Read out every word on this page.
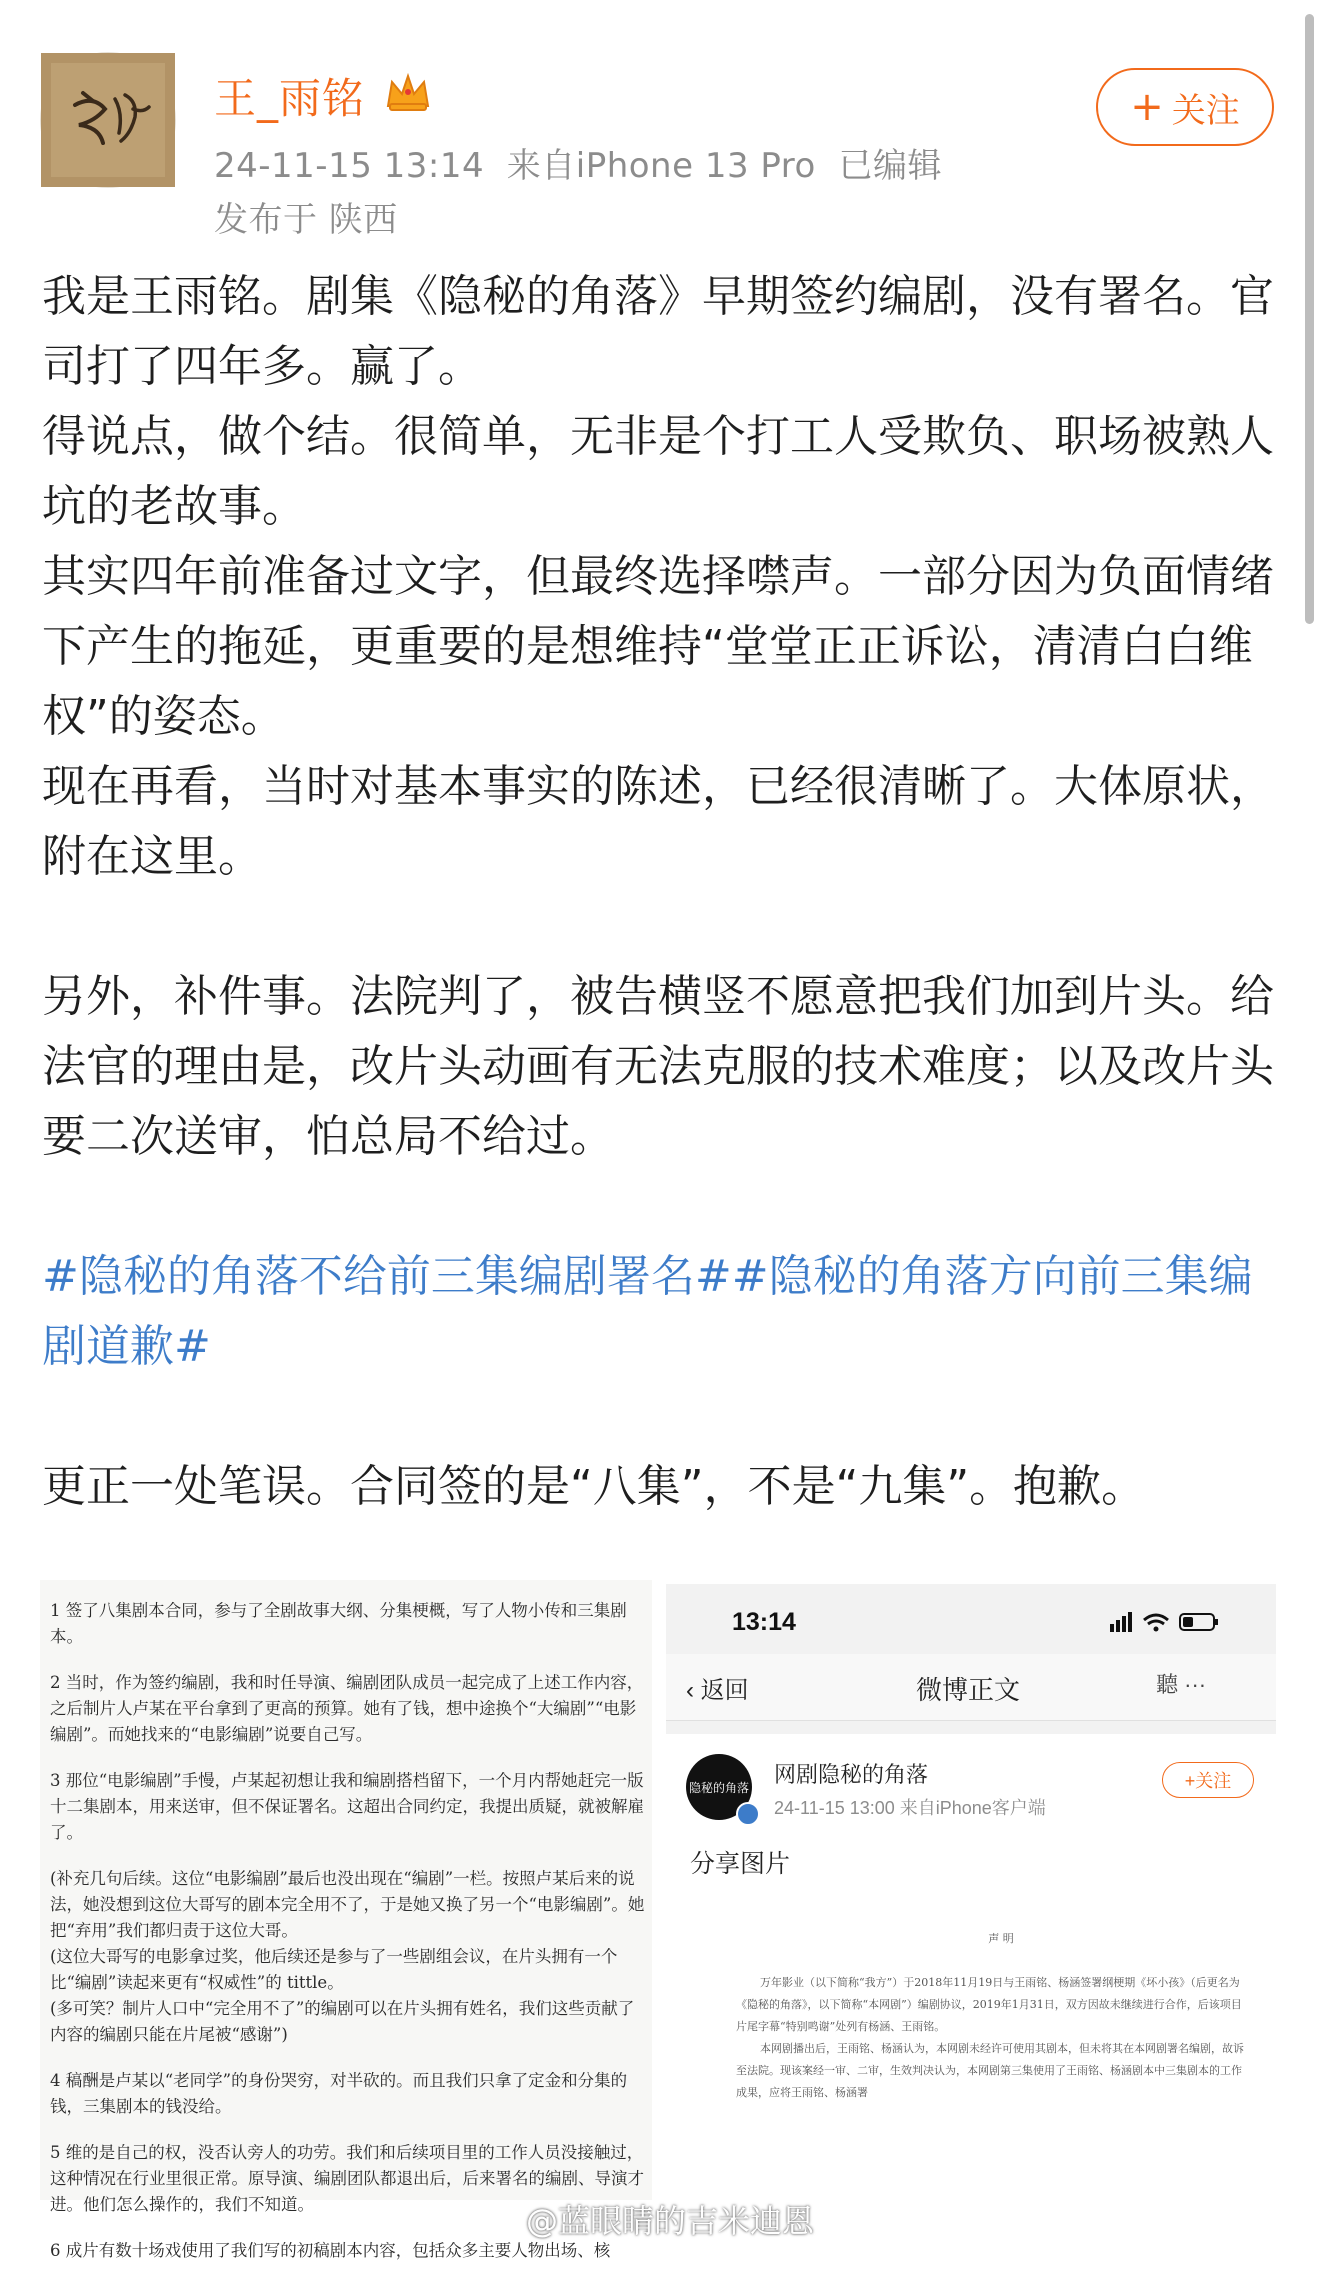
王_雨铭
24-11-15 13:14 来自iPhone 13 Pro 已编辑
发布于 陕西
+ 关注

我是王雨铭。剧集《隐秘的角落》早期签约编剧，没有署名。官司打了四年多。赢了。

得说点，做个结。很简单，无非是个打工人受欺负、职场被熟人坑的老故事。

其实四年前准备过文字，但最终选择噤声。一部分因为负面情绪下产生的拖延，更重要的是想维持“堂堂正正诉讼，清清白白维权”的姿态。

现在再看，当时对基本事实的陈述，已经很清晰了。大体原状，附在这里。

另外，补件事。法院判了，被告横竖不愿意把我们加到片头。给法官的理由是，改片头动画有无法克服的技术难度；以及改片头要二次送审，怕总局不给过。

#隐秘的角落不给前三集编剧署名##隐秘的角落方向前三集编剧道歉#

更正一处笔误。合同签的是“八集”，不是“九集”。抱歉。

1 签了八集剧本合同，参与了全剧故事大纲、分集梗概，写了人物小传和三集剧本。

2 当时，作为签约编剧，我和时任导演、编剧团队成员一起完成了上述工作内容，之后制片人卢某在平台拿到了更高的预算。她有了钱，想中途换个“大编剧”“电影编剧”。而她找来的“电影编剧”说要自己写。

3 那位“电影编剧”手慢，卢某起初想让我和编剧搭档留下，一个月内帮她赶完一版十二集剧本，用来送审，但不保证署名。这超出合同约定，我提出质疑，就被解雇了。

(补充几句后续。这位“电影编剧”最后也没出现在“编剧”一栏。按照卢某后来的说法，她没想到这位大哥写的剧本完全用不了，于是她又换了另一个“电影编剧”。她把“弃用”我们都归责于这位大哥。
(这位大哥写的电影拿过奖，他后续还是参与了一些剧组会议，在片头拥有一个比“编剧”读起来更有“权威性”的 tittle。
(多可笑？制片人口中“完全用不了”的编剧可以在片头拥有姓名，我们这些贡献了内容的编剧只能在片尾被“感谢”)

4 稿酬是卢某以“老同学”的身份哭穷，对半砍的。而且我们只拿了定金和分集的钱，三集剧本的钱没给。

5 维的是自己的权，没否认旁人的功劳。我们和后续项目里的工作人员没接触过，这种情况在行业里很正常。原导演、编剧团队都退出后，后来署名的编剧、导演才进。他们怎么操作的，我们不知道。

6 成片有数十场戏使用了我们写的初稿剧本内容，包括众多主要人物出场、核

13:14
‹ 返回	微博正文	聽 ···
隐秘的角落
网剧隐秘的角落
24-11-15 13:00 来自iPhone客户端
+关注
分享图片
声 明

万年影业（以下简称“我方”）于2018年11月19日与王雨铭、杨涵签署纲梗期《坏小孩》（后更名为《隐秘的角落》，以下简称“本网剧”）编剧协议，2019年1月31日，双方因故未继续进行合作，后该项目片尾字幕“特别鸣谢”处列有杨涵、王雨铭。

本网剧播出后，王雨铭、杨涵认为，本网剧未经许可使用其剧本，但未将其在本网剧署名编剧，故诉至法院。现该案经一审、二审，生效判决认为，本网剧第三集使用了王雨铭、杨涵剧本中三集剧本的工作成果，应将王雨铭、杨涵署

@蓝眼睛的吉米迪恩
